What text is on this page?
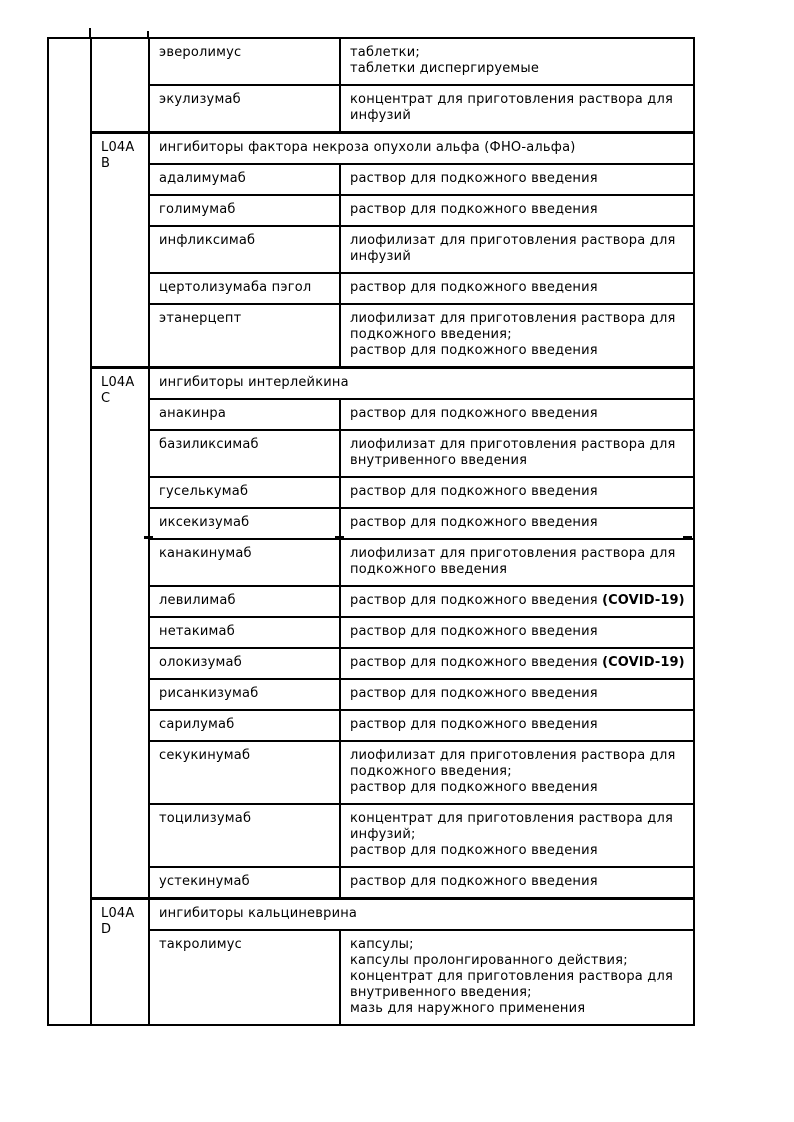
		эверолимус	таблетки;
таблетки диспергируемые
		экулизумаб	концентрат для приготовления раствора для инфузий
	L04AB	ингибиторы фактора некроза опухоли альфа (ФНО-альфа)	
		адалимумаб	раствор для подкожного введения
		голимумаб	раствор для подкожного введения
		инфликсимаб	лиофилизат для приготовления раствора для инфузий
		цертолизумаба пэгол	раствор для подкожного введения
		этанерцепт	лиофилизат для приготовления раствора для подкожного введения;
раствор для подкожного введения
	L04AC	ингибиторы интерлейкина	
		анакинра	раствор для подкожного введения
		базиликсимаб	лиофилизат для приготовления раствора для внутривенного введения
		гуселькумаб	раствор для подкожного введения
		иксекизумаб	раствор для подкожного введения
		канакинумаб	лиофилизат для приготовления раствора для подкожного введения
		левилимаб	раствор для подкожного введения (COVID-19)
		нетакимаб	раствор для подкожного введения
		олокизумаб	раствор для подкожного введения (COVID-19)
		рисанкизумаб	раствор для подкожного введения
		сарилумаб	раствор для подкожного введения
		секукинумаб	лиофилизат для приготовления раствора для подкожного введения;
раствор для подкожного введения
		тоцилизумаб	концентрат для приготовления раствора для инфузий;
раствор для подкожного введения
		устекинумаб	раствор для подкожного введения
	L04AD	ингибиторы кальциневрина	
		такролимус	капсулы;
капсулы пролонгированного действия;
концентрат для приготовления раствора для внутривенного введения;
мазь для наружного применения
